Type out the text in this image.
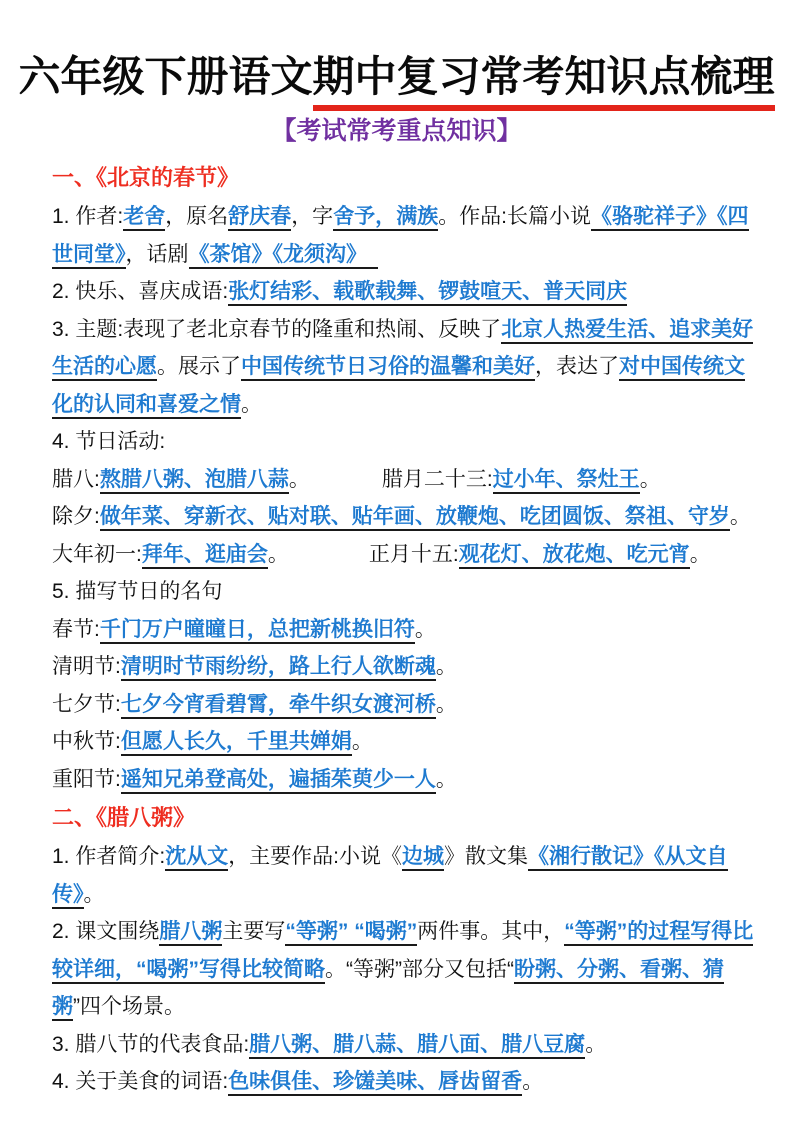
六年级下册语文期中复习常考知识点梳理
【考试常考重点知识】
一、《北京的春节》
1. 作者:老舍，原名舒庆春，字舍予，满族。作品:长篇小说《骆驼祥子》《四世同堂》，话剧《茶馆》《龙须沟》　
2. 快乐、喜庆成语:张灯结彩、载歌载舞、锣鼓喧天、普天同庆
3. 主题:表现了老北京春节的隆重和热闹、反映了北京人热爱生活、追求美好生活的心愿。展示了中国传统节日习俗的温馨和美好，表达了对中国传统文化的认同和喜爱之情。
4. 节日活动:
腊八:熬腊八粥、泡腊八蒜。	腊月二十三:过小年、祭灶王。
除夕:做年菜、穿新衣、贴对联、贴年画、放鞭炮、吃团圆饭、祭祖、守岁。
大年初一:拜年、逛庙会。	正月十五:观花灯、放花炮、吃元宵。
5. 描写节日的名句
春节:千门万户曈曈日，总把新桃换旧符。
清明节:清明时节雨纷纷，路上行人欲断魂。
七夕节:七夕今宵看碧霄，牵牛织女渡河桥。
中秋节:但愿人长久，千里共婵娟。
重阳节:遥知兄弟登高处，遍插茱萸少一人。
二、《腊八粥》
1. 作者简介:沈从文，主要作品:小说《边城》散文集《湘行散记》《从文自传》。
2. 课文围绕腊八粥主要写“等粥” “喝粥”两件事。其中，“等粥”的过程写得比较详细，“喝粥”写得比较简略。“等粥”部分又包括“盼粥、分粥、看粥、猜粥”四个场景。
3. 腊八节的代表食品:腊八粥、腊八蒜、腊八面、腊八豆腐。
4. 关于美食的词语:色味俱佳、珍馐美味、唇齿留香。
